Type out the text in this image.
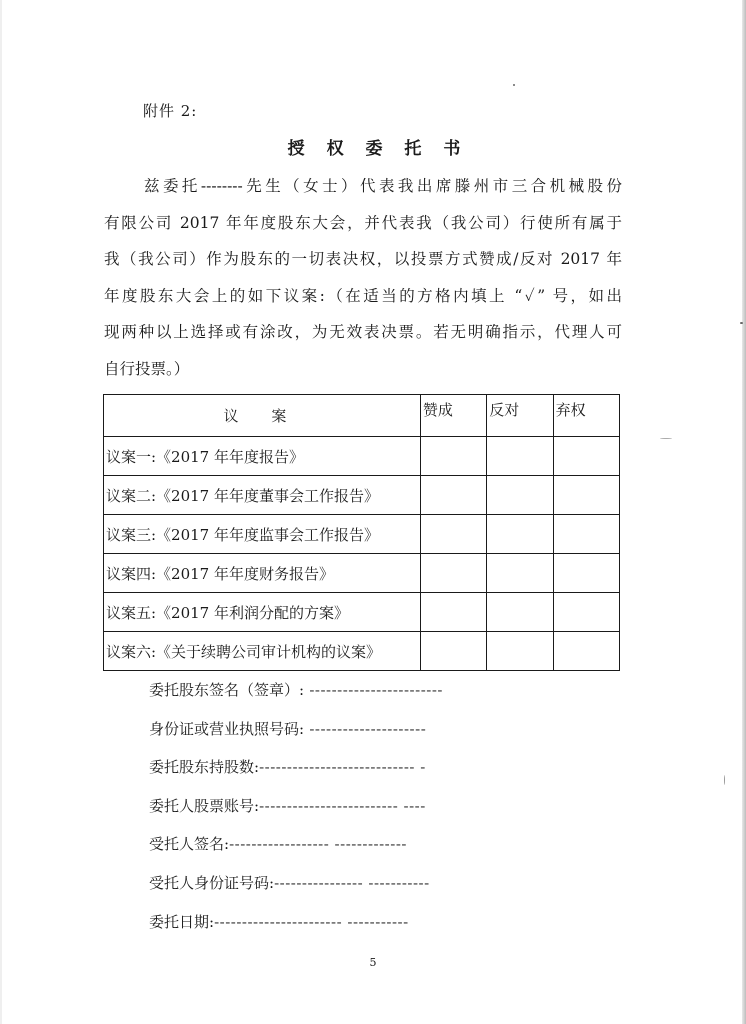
附件 2:
授 权 委 托 书
兹委托--------先生（女士）代表我出席滕州市三合机械股份
有限公司 2017 年年度股东大会，并代表我（我公司）行使所有属于
我（我公司）作为股东的一切表决权，以投票方式赞成/反对 2017 年
年度股东大会上的如下议案:（在适当的方格内填上 “✓” 号，如出
现两种以上选择或有涂改，为无效表决票。若无明确指示，代理人可
自行投票。）
议 案	赞成	反对	弃权
议案一:《2017 年年度报告》			
议案二:《2017 年年度董事会工作报告》			
议案三:《2017 年年度监事会工作报告》			
议案四:《2017 年年度财务报告》			
议案五:《2017 年利润分配的方案》			
议案六:《关于续聘公司审计机构的议案》			
委托股东签名（签章）: ------------------------
身份证或营业执照号码: ---------------------
委托股东持股数:---------------------------- -
委托人股票账号:------------------------- ----
受托人签名:------------------ -------------
受托人身份证号码:---------------- -----------
委托日期:----------------------- -----------
5
